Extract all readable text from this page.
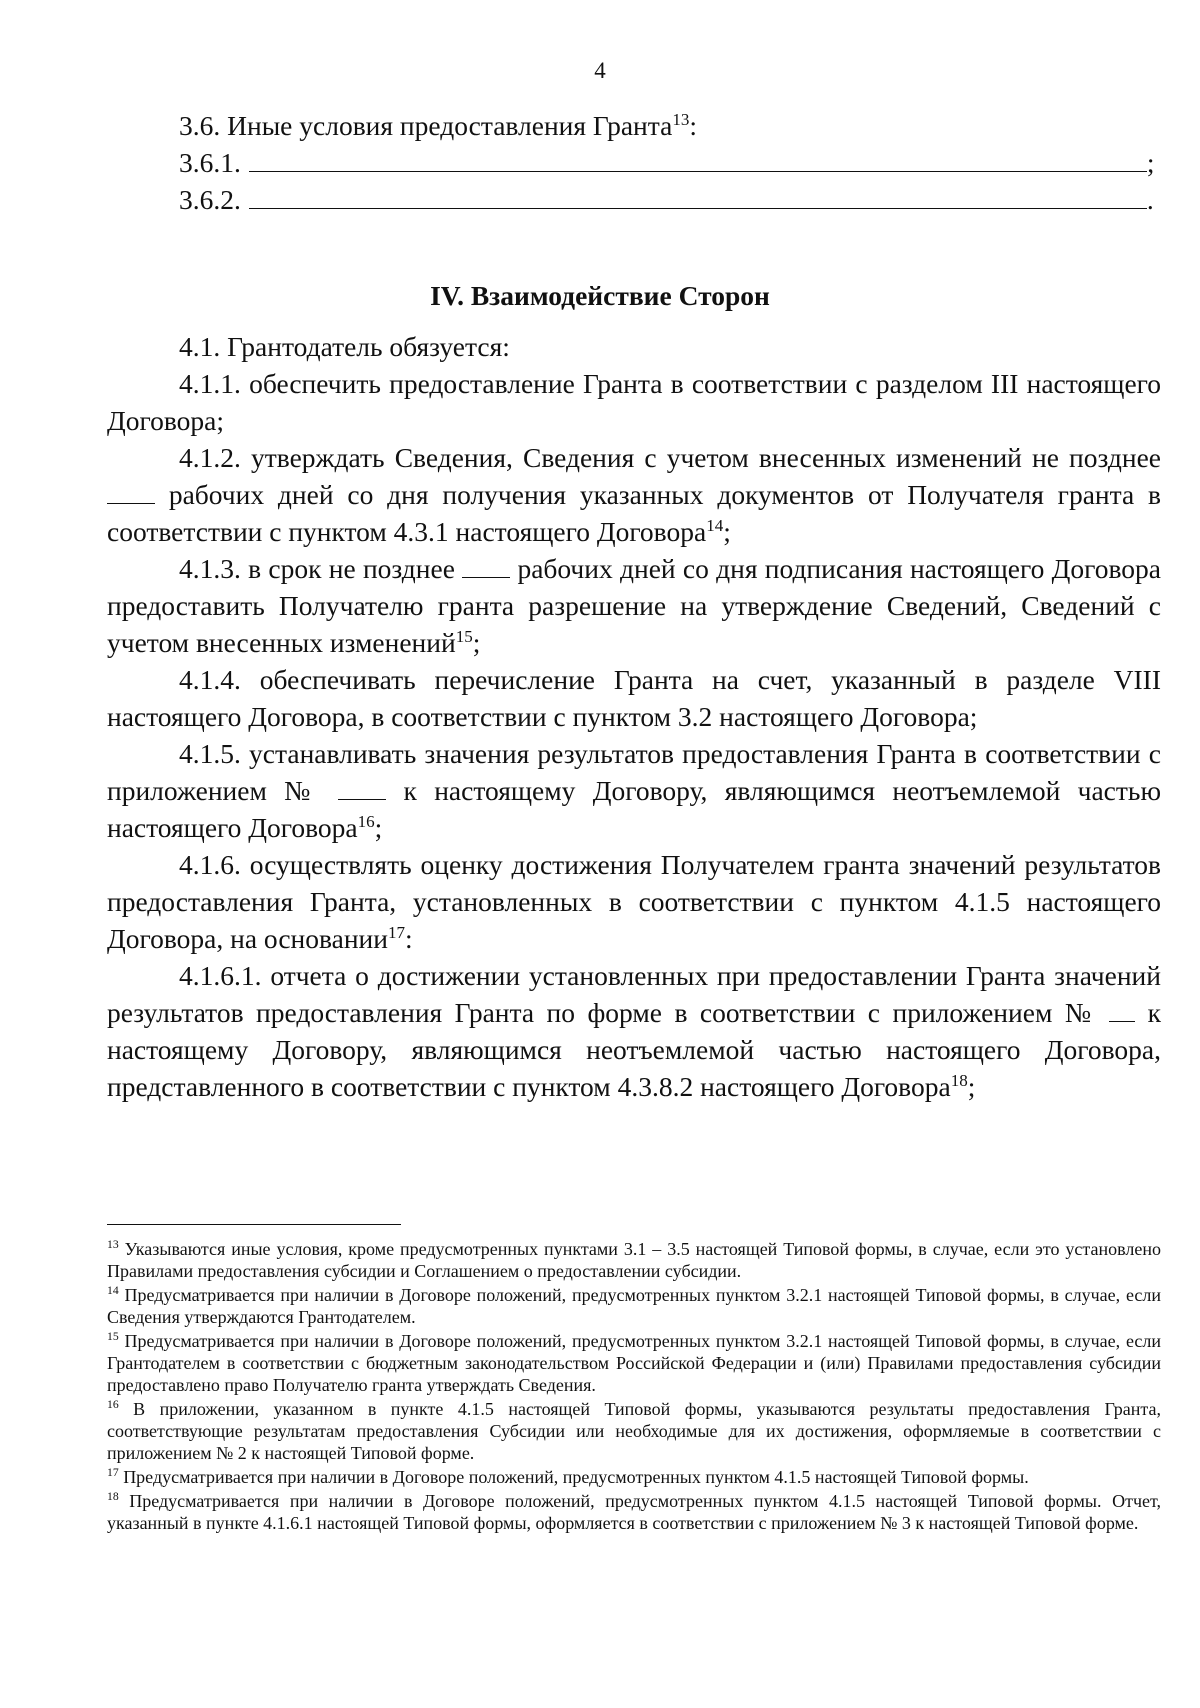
4

3.6. Иные условия предоставления Гранта$^{13}$:

3.6.1.	;
3.6.2.	.
IV. Взаимодействие Сторон

4.1. Грантодатель обязуется:

4.1.1. обеспечить предоставление Гранта в соответствии с разделом III настоящего Договора;

4.1.2. утверждать Сведения, Сведения с учетом внесенных изменений не позднее  рабочих дней со дня получения указанных документов от Получателя гранта в соответствии с пунктом 4.3.1 настоящего Договора$^{14}$;

4.1.3. в срок не позднее  рабочих дней со дня подписания настоящего Договора предоставить Получателю гранта разрешение на утверждение Сведений, Сведений с учетом внесенных изменений$^{15}$;

4.1.4. обеспечивать перечисление Гранта на счет, указанный в разделе VIII настоящего Договора, в соответствии с пунктом 3.2 настоящего Договора;

4.1.5. устанавливать значения результатов предоставления Гранта в соответствии с приложением №  к настоящему Договору, являющимся неотъемлемой частью настоящего Договора$^{16}$;

4.1.6. осуществлять оценку достижения Получателем гранта значений результатов предоставления Гранта, установленных в соответствии с пунктом 4.1.5 настоящего Договора, на основании$^{17}$:

4.1.6.1. отчета о достижении установленных при предоставлении Гранта значений результатов предоставления Гранта по форме в соответствии с приложением №  к настоящему Договору, являющимся неотъемлемой частью настоящего Договора, представленного в соответствии с пунктом 4.3.8.2 настоящего Договора$^{18}$;

$^{13}$ Указываются иные условия, кроме предусмотренных пунктами 3.1 – 3.5 настоящей Типовой формы, в случае, если это установлено Правилами предоставления субсидии и Соглашением о предоставлении субсидии.

$^{14}$ Предусматривается при наличии в Договоре положений, предусмотренных пунктом 3.2.1 настоящей Типовой формы, в случае, если Сведения утверждаются Грантодателем.

$^{15}$ Предусматривается при наличии в Договоре положений, предусмотренных пунктом 3.2.1 настоящей Типовой формы, в случае, если Грантодателем в соответствии с бюджетным законодательством Российской Федерации и (или) Правилами предоставления субсидии предоставлено право Получателю гранта утверждать Сведения.

$^{16}$ В приложении, указанном в пункте 4.1.5 настоящей Типовой формы, указываются результаты предоставления Гранта, соответствующие результатам предоставления Субсидии или необходимые для их достижения, оформляемые в соответствии с приложением № 2 к настоящей Типовой форме.

$^{17}$ Предусматривается при наличии в Договоре положений, предусмотренных пунктом 4.1.5 настоящей Типовой формы.

$^{18}$ Предусматривается при наличии в Договоре положений, предусмотренных пунктом 4.1.5 настоящей Типовой формы. Отчет, указанный в пункте 4.1.6.1 настоящей Типовой формы, оформляется в соответствии с приложением № 3 к настоящей Типовой форме.
